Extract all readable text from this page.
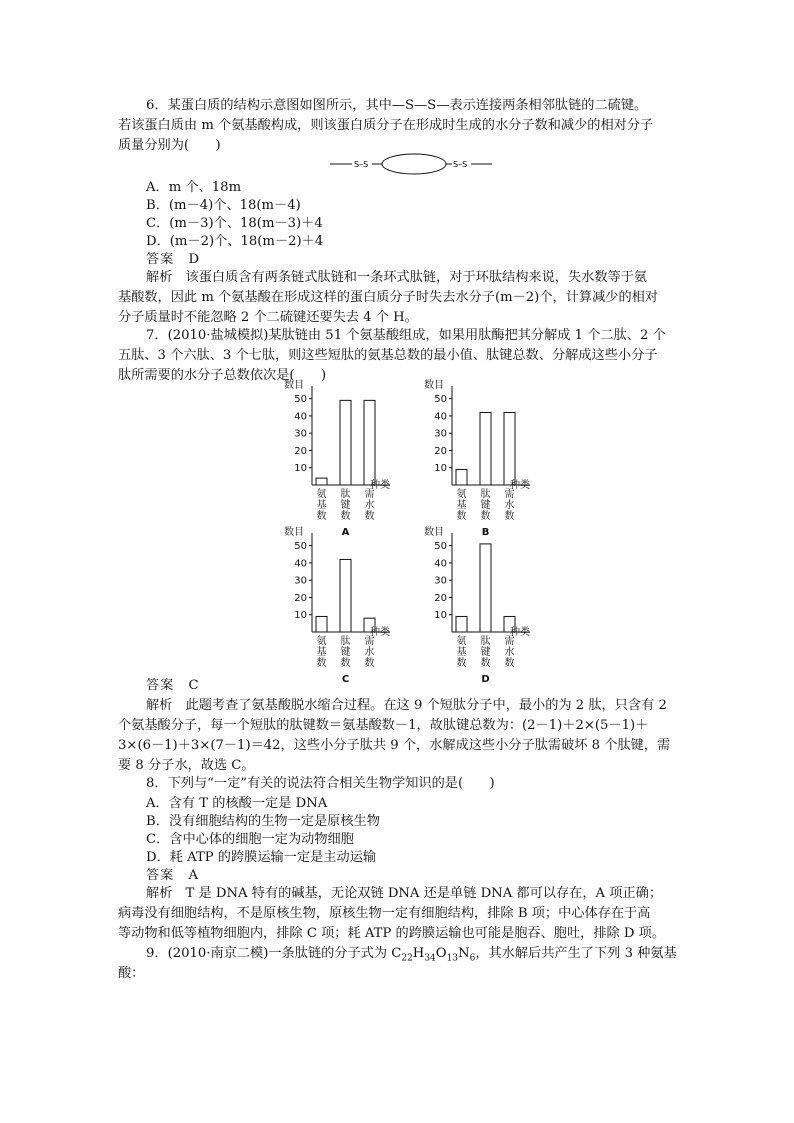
6．某蛋白质的结构示意图如图所示，其中—S—S—表示连接两条相邻肽链的二硫键。
若该蛋白质由 m 个氨基酸构成，则该蛋白质分子在形成时生成的水分子数和减少的相对分子
质量分别为(　　)
S–S	S–S
A．m 个、18m
B．(m－4)个、18(m－4)
C．(m－3)个、18(m－3)＋4
D．(m－2)个、18(m－2)＋4
答案　D
解析　该蛋白质含有两条链式肽链和一条环式肽链，对于环肽结构来说，失水数等于氨
基酸数，因此 m 个氨基酸在形成这样的蛋白质分子时失去水分子(m－2)个，计算减少的相对
分子质量时不能忽略 2 个二硫键还要失去 4 个 H。
7．(2010·盐城模拟)某肽链由 51 个氨基酸组成，如果用肽酶把其分解成 1 个二肽、2 个
五肽、3 个六肽、3 个七肽，则这些短肽的氨基总数的最小值、肽键总数、分解成这些小分子
肽所需要的水分子总数依次是(　　)
数目
10
20
30
40
50
氨
基
数
肽
键
数
需
水
数
种类
A
数目
10
20
30
40
50
氨
基
数
肽
键
数
需
水
数
种类
B
数目
10
20
30
40
50
氨
基
数
肽
键
数
需
水
数
种类
C
数目
10
20
30
40
50
氨
基
数
肽
键
数
需
水
数
种类
D
答案　C
解析　此题考查了氨基酸脱水缩合过程。在这 9 个短肽分子中，最小的为 2 肽，只含有 2
个氨基酸分子，每一个短肽的肽键数＝氨基酸数－1，故肽键总数为：(2－1)＋2×(5－1)＋
3×(6－1)＋3×(7－1)＝42，这些小分子肽共 9 个，水解成这些小分子肽需破坏 8 个肽键，需
要 8 分子水，故选 C。
8．下列与“一定”有关的说法符合相关生物学知识的是(　　)
A．含有 T 的核酸一定是 DNA
B．没有细胞结构的生物一定是原核生物
C．含中心体的细胞一定为动物细胞
D．耗 ATP 的跨膜运输一定是主动运输
答案　A
解析　T 是 DNA 特有的碱基，无论双链 DNA 还是单链 DNA 都可以存在，A 项正确；
病毒没有细胞结构，不是原核生物，原核生物一定有细胞结构，排除 B 项；中心体存在于高
等动物和低等植物细胞内，排除 C 项；耗 ATP 的跨膜运输也可能是胞吞、胞吐，排除 D 项。
9．(2010·南京二模)一条肽链的分子式为 $C_{22}H_{34}O_{13}N_6$，其水解后共产生了下列 3 种氨基
酸：
